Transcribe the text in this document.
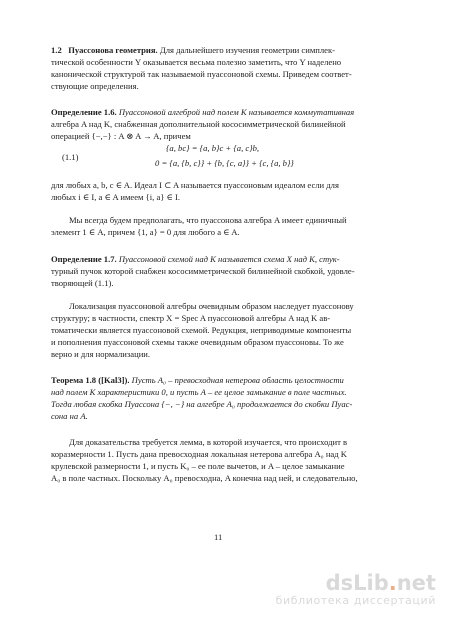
1.2 Пуассонова геометрия. Для дальнейшего изучения геометрии симплек-
тической особенности Y оказывается весьма полезно заметить, что Y наделено
канонической структурой так называемой пуассоновой схемы. Приведем соответ-
ствующие определения.
Определение 1.6. Пуассоновой алгеброй над полем K называется коммутативная
алгебра A над K, снабженная дополнительной кососимметрической билинейной
операцией {−,−} : A ⊗ A → A, причем
(1.1)
{a, bc} = {a, b}c + {a, c}b,
0 = {a, {b, c}} + {b, {c, a}} + {c, {a, b}}
для любых a, b, c ∈ A. Идеал I ⊂ A называется пуассоновым идеалом если для
любых i ∈ I, a ∈ A имеем {i, a} ∈ I.
Мы всегда будем предполагать, что пуассонова алгебра A имеет единичный
элемент 1 ∈ A, причем {1, a} = 0 для любого a ∈ A.
Определение 1.7. Пуассоновой схемой над K называется схема X над K, стук-
турный пучок которой снабжен кососимметрической билинейной скобкой, удовле-
творяющей (1.1).
Локализация пуассоновой алгебры очевидным образом наследует пуассонову
структуру; в частности, спектр X = Spec A пуассоновой алгебры A над K ав-
томатически является пуассоновой схемой. Редукция, неприводимые компоненты
и пополнения пуассоновой схемы также очевидным образом пуассоновы. То же
верно и для нормализации.
Теорема 1.8 ([Kal3]). Пусть A₀ – превосходная нетерова область целостности
над полем K характеристики 0, и пусть A – ее целое замыкание в поле частных.
Тогда любая скобка Пуассона {−, −} на алгебре A₀ продолжается до скобки Пуас-
сона на A.
Для доказательства требуется лемма, в которой изучается, что происходит в
коразмерности 1. Пусть дана превосходная локальная нетерова алгебра A₀ над K
крулевской размерности 1, и пусть K₀ – ее поле вычетов, и A – целое замыкание
A₀ в поле частных. Поскольку A₀ превосходна, A конечна над ней, и следовательно,
11
dsLib.net
библиотека диссертаций
